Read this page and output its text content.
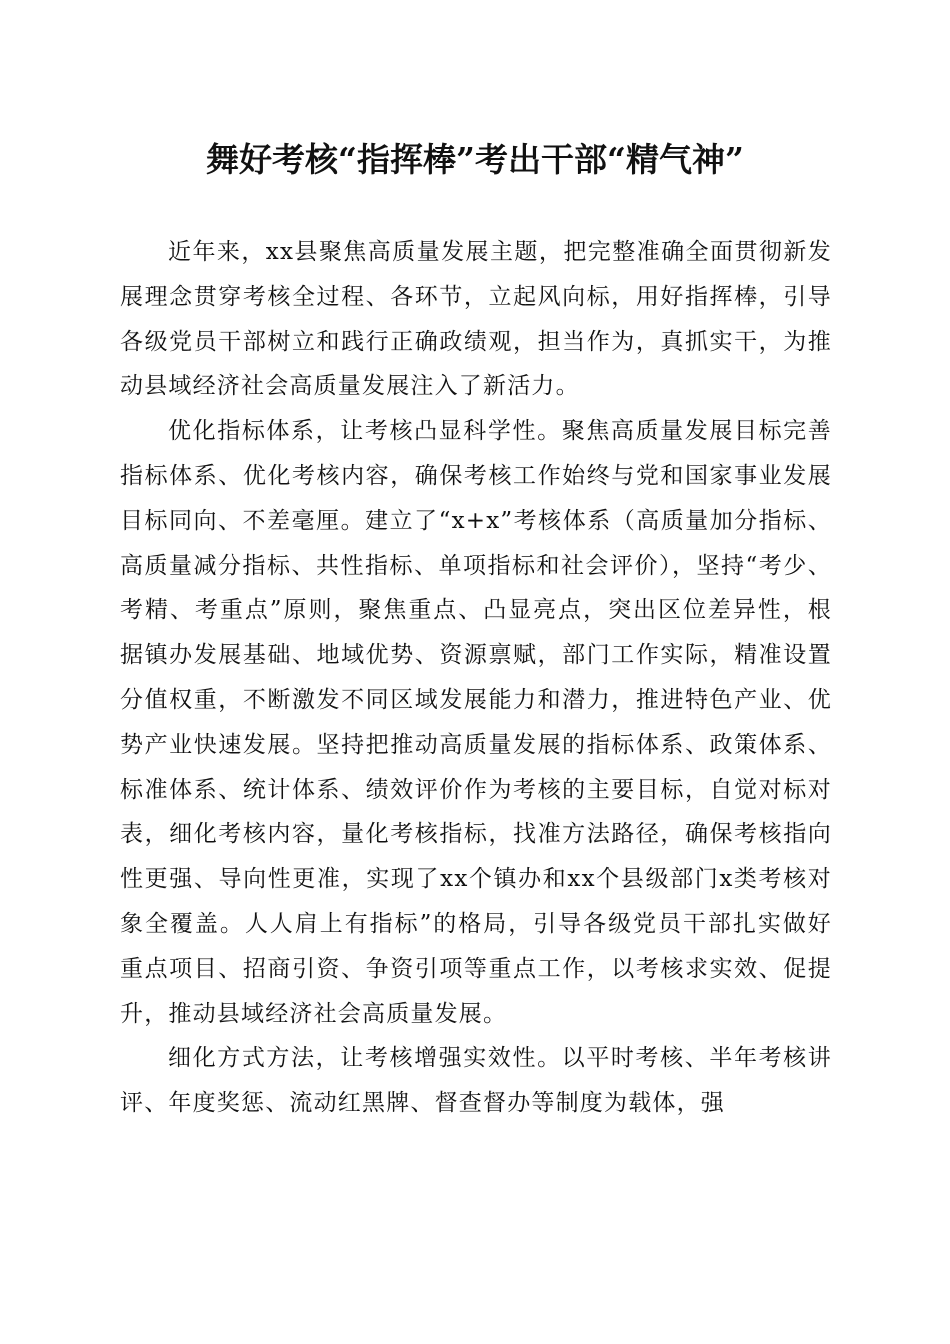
舞好考核“指挥棒”考出干部“精气神”

近年来，xx县聚焦高质量发展主题，把完整准确全面贯彻新发展理念贯穿考核全过程、各环节，立起风向标，用好指挥棒，引导各级党员干部树立和践行正确政绩观，担当作为，真抓实干，为推动县域经济社会高质量发展注入了新活力。

优化指标体系，让考核凸显科学性。聚焦高质量发展目标完善指标体系、优化考核内容，确保考核工作始终与党和国家事业发展目标同向、不差毫厘。建立了“x+x”考核体系（高质量加分指标、高质量减分指标、共性指标、单项指标和社会评价），坚持“考少、考精、考重点”原则，聚焦重点、凸显亮点，突出区位差异性，根据镇办发展基础、地域优势、资源禀赋，部门工作实际，精准设置分值权重，不断激发不同区域发展能力和潜力，推进特色产业、优势产业快速发展。坚持把推动高质量发展的指标体系、政策体系、标准体系、统计体系、绩效评价作为考核的主要目标，自觉对标对表，细化考核内容，量化考核指标，找准方法路径，确保考核指向性更强、导向性更准，实现了xx个镇办和xx个县级部门x类考核对象全覆盖。人人肩上有指标”的格局，引导各级党员干部扎实做好重点项目、招商引资、争资引项等重点工作，以考核求实效、促提升，推动县域经济社会高质量发展。

细化方式方法，让考核增强实效性。以平时考核、半年考核讲评、年度奖惩、流动红黑牌、督查督办等制度为载体，强
